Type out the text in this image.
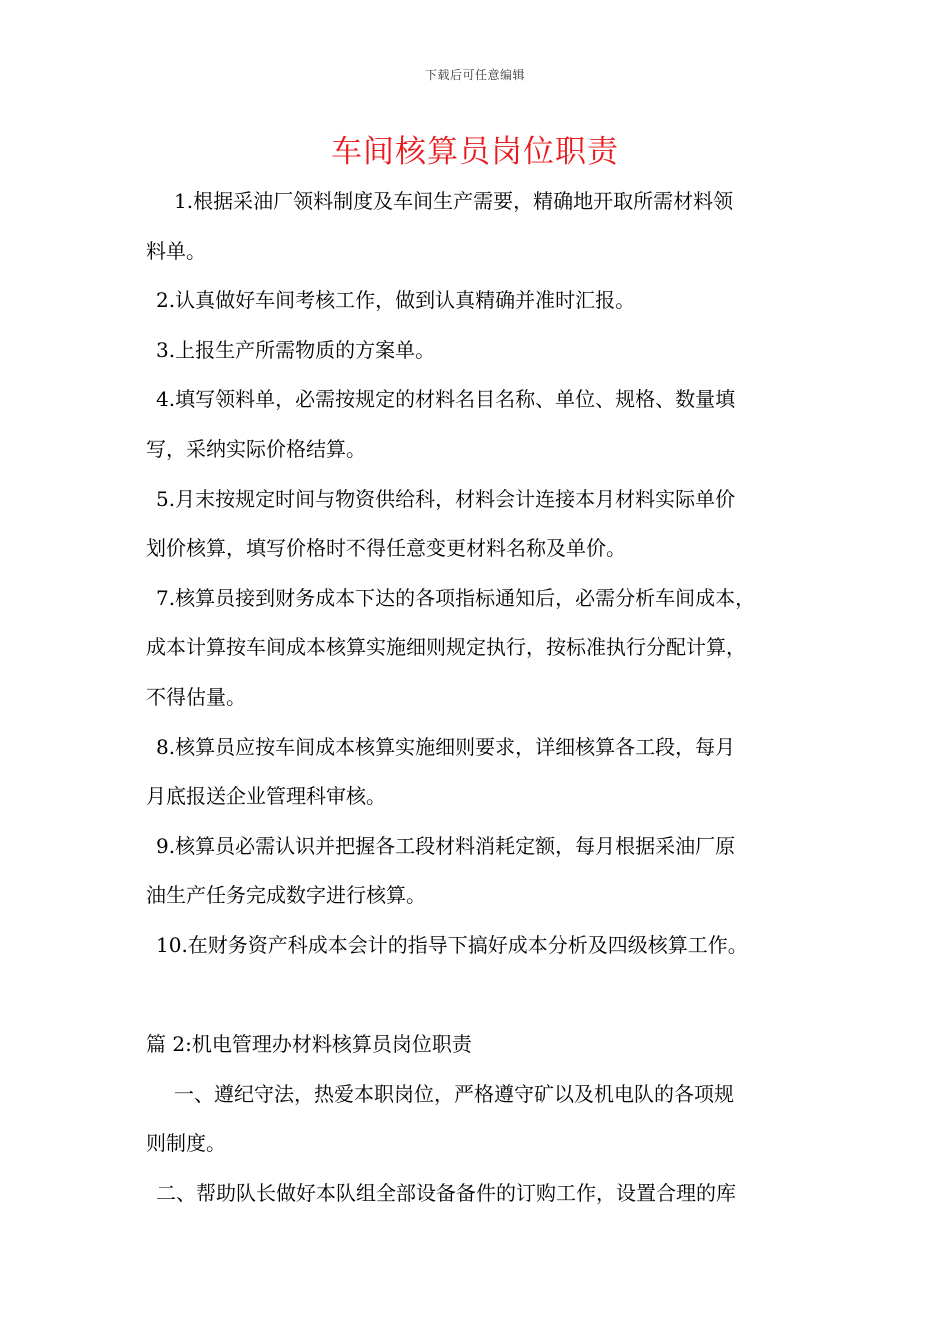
下载后可任意编辑
车间核算员岗位职责

1.根据采油厂领料制度及车间生产需要，精确地开取所需材料领

料单。

2.认真做好车间考核工作，做到认真精确并准时汇报。

3.上报生产所需物质的方案单。

4.填写领料单，必需按规定的材料名目名称、单位、规格、数量填

写，采纳实际价格结算。

5.月末按规定时间与物资供给科，材料会计连接本月材料实际单价

划价核算，填写价格时不得任意变更材料名称及单价。

7.核算员接到财务成本下达的各项指标通知后，必需分析车间成本，

成本计算按车间成本核算实施细则规定执行，按标准执行分配计算，

不得估量。

8.核算员应按车间成本核算实施细则要求，详细核算各工段，每月

月底报送企业管理科审核。

9.核算员必需认识并把握各工段材料消耗定额，每月根据采油厂原

油生产任务完成数字进行核算。

10.在财务资产科成本会计的指导下搞好成本分析及四级核算工作。

篇 2:机电管理办材料核算员岗位职责

一、遵纪守法，热爱本职岗位，严格遵守矿以及机电队的各项规

则制度。

二、帮助队长做好本队组全部设备备件的订购工作，设置合理的库
